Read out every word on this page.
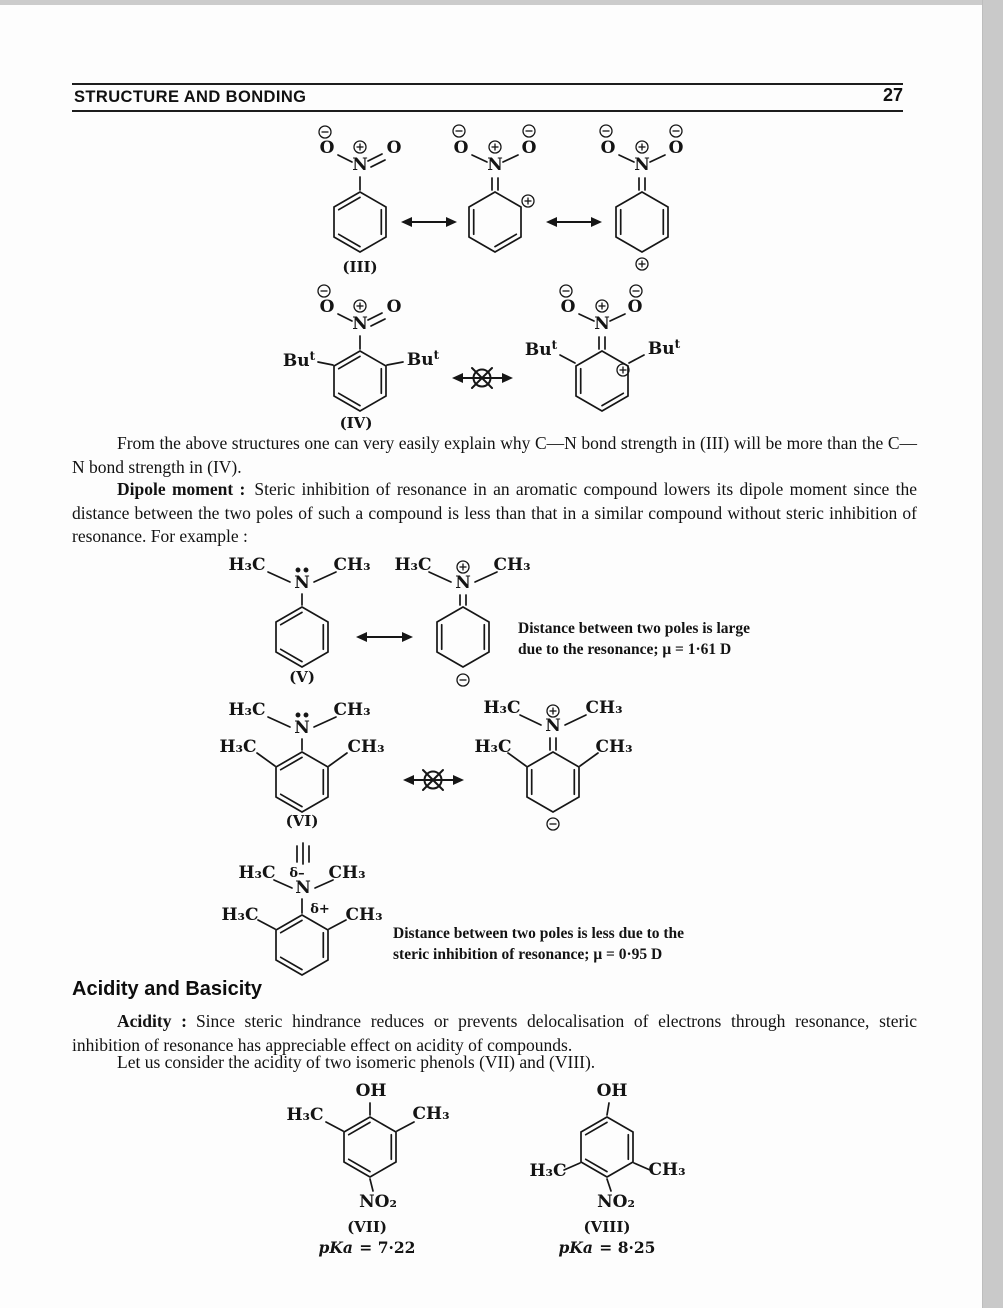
STRUCTURE AND BONDING	27
O	O
N
(III)
O	O
N
O	O
N
O	O
N
Bu$^t$	Bu$^t$
(IV)
O	O
N
Bu$^t$	Bu$^t$
From the above structures one can very easily explain why C—N bond strength in (III) will be more than the C—N bond strength in (IV).
Dipole moment : Steric inhibition of resonance in an aromatic compound lowers its dipole moment since the distance between the two poles of such a compound is less than that in a similar compound without steric inhibition of resonance. For example :
H₃C	CH₃
N
(V)
H₃C	CH₃
N
Distance between two poles is large
due to the resonance; μ = 1·61 D
H₃C	CH₃
N
H₃C	CH₃
(VI)
H₃C	CH₃
N
H₃C	CH₃
δ–
H₃C	CH₃
N
δ+
H₃C	CH₃
Distance between two poles is less due to the
steric inhibition of resonance; μ = 0·95 D
Acidity and Basicity
Acidity : Since steric hindrance reduces or prevents delocalisation of electrons through resonance, steric inhibition of resonance has appreciable effect on acidity of compounds.
Let us consider the acidity of two isomeric phenols (VII) and (VIII).
OH
H₃C	CH₃
NO₂
(VII)
pKa = 7·22
OH
H₃C	CH₃
NO₂
(VIII)
pKa = 8·25
